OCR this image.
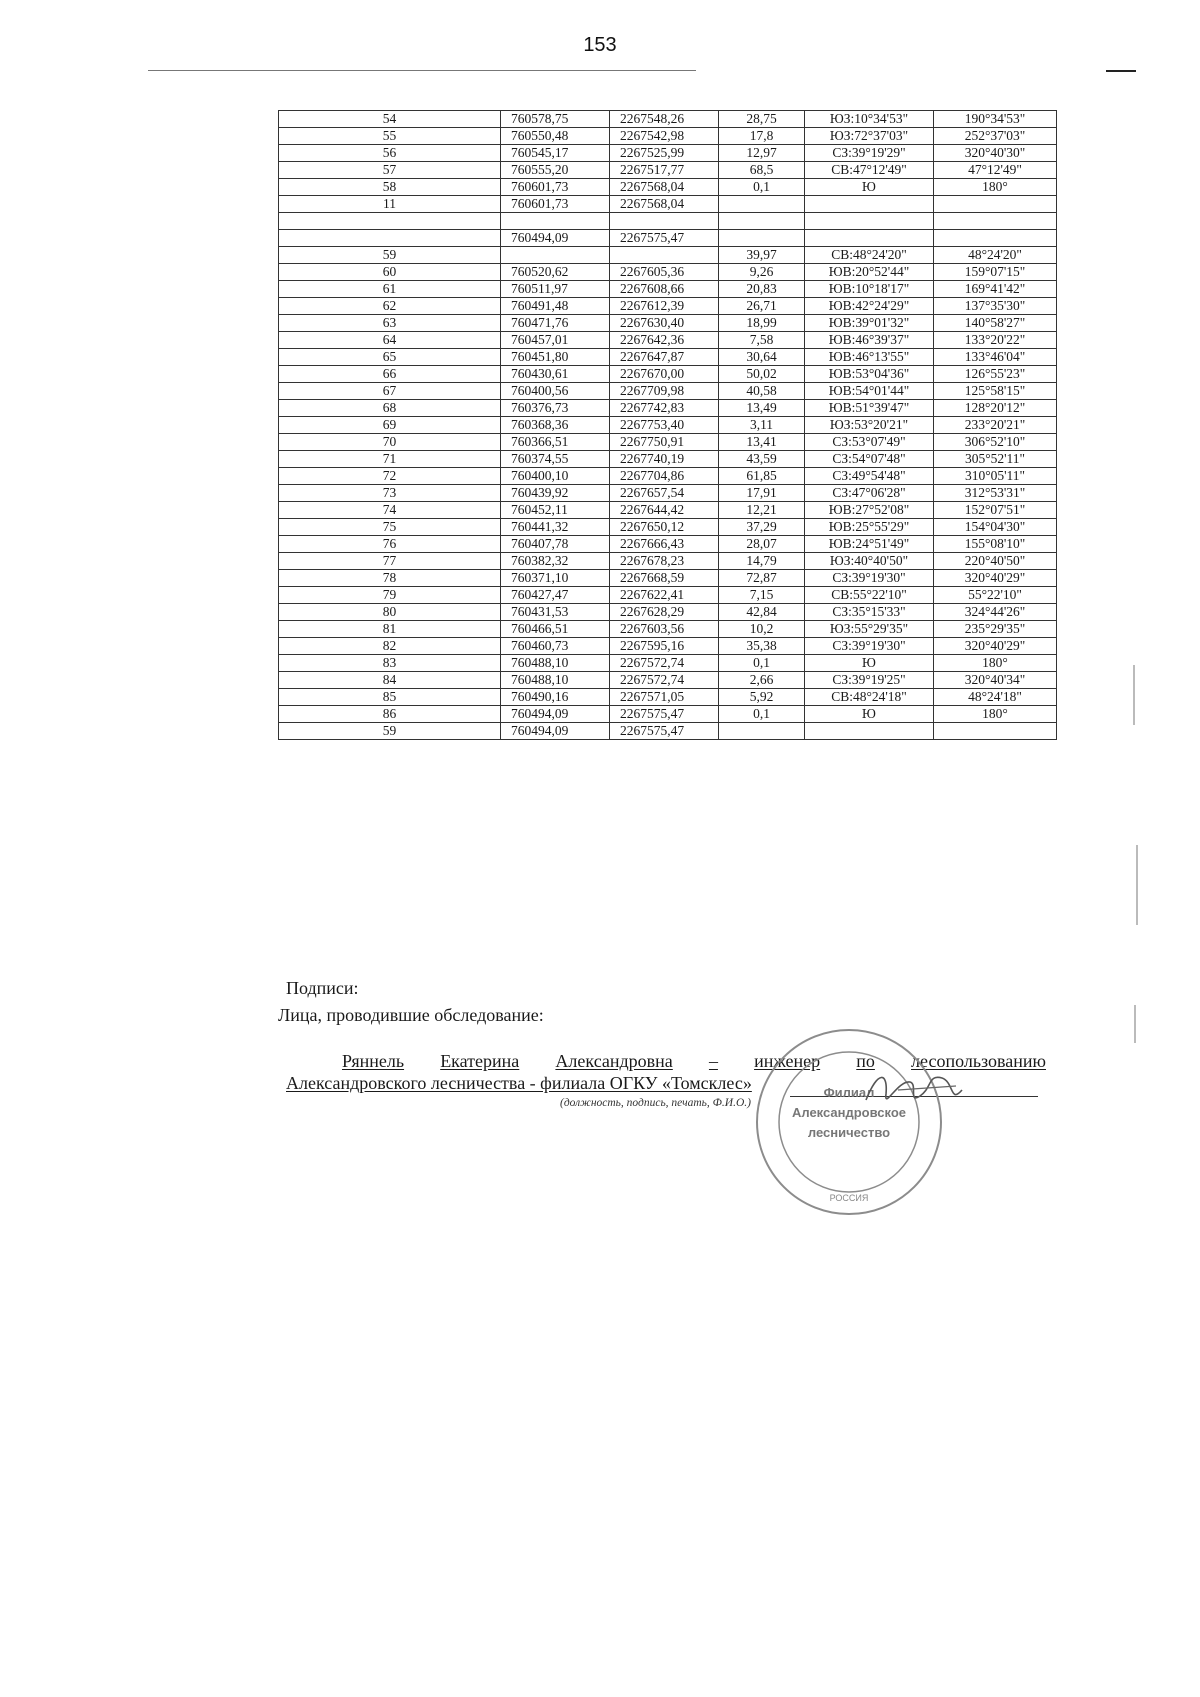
153
54	760578,75	2267548,26	28,75	ЮЗ:10°34'53"	190°34'53"
55	760550,48	2267542,98	17,8	ЮЗ:72°37'03"	252°37'03"
56	760545,17	2267525,99	12,97	СЗ:39°19'29"	320°40'30"
57	760555,20	2267517,77	68,5	СВ:47°12'49"	47°12'49"
58	760601,73	2267568,04	0,1	Ю	180°
11	760601,73	2267568,04			

	760494,09	2267575,47			
59			39,97	СВ:48°24'20"	48°24'20"
60	760520,62	2267605,36	9,26	ЮВ:20°52'44"	159°07'15"
61	760511,97	2267608,66	20,83	ЮВ:10°18'17"	169°41'42"
62	760491,48	2267612,39	26,71	ЮВ:42°24'29"	137°35'30"
63	760471,76	2267630,40	18,99	ЮВ:39°01'32"	140°58'27"
64	760457,01	2267642,36	7,58	ЮВ:46°39'37"	133°20'22"
65	760451,80	2267647,87	30,64	ЮВ:46°13'55"	133°46'04"
66	760430,61	2267670,00	50,02	ЮВ:53°04'36"	126°55'23"
67	760400,56	2267709,98	40,58	ЮВ:54°01'44"	125°58'15"
68	760376,73	2267742,83	13,49	ЮВ:51°39'47"	128°20'12"
69	760368,36	2267753,40	3,11	ЮЗ:53°20'21"	233°20'21"
70	760366,51	2267750,91	13,41	СЗ:53°07'49"	306°52'10"
71	760374,55	2267740,19	43,59	СЗ:54°07'48"	305°52'11"
72	760400,10	2267704,86	61,85	СЗ:49°54'48"	310°05'11"
73	760439,92	2267657,54	17,91	СЗ:47°06'28"	312°53'31"
74	760452,11	2267644,42	12,21	ЮВ:27°52'08"	152°07'51"
75	760441,32	2267650,12	37,29	ЮВ:25°55'29"	154°04'30"
76	760407,78	2267666,43	28,07	ЮВ:24°51'49"	155°08'10"
77	760382,32	2267678,23	14,79	ЮЗ:40°40'50"	220°40'50"
78	760371,10	2267668,59	72,87	СЗ:39°19'30"	320°40'29"
79	760427,47	2267622,41	7,15	СВ:55°22'10"	55°22'10"
80	760431,53	2267628,29	42,84	СЗ:35°15'33"	324°44'26"
81	760466,51	2267603,56	10,2	ЮЗ:55°29'35"	235°29'35"
82	760460,73	2267595,16	35,38	СЗ:39°19'30"	320°40'29"
83	760488,10	2267572,74	0,1	Ю	180°
84	760488,10	2267572,74	2,66	СЗ:39°19'25"	320°40'34"
85	760490,16	2267571,05	5,92	СВ:48°24'18"	48°24'18"
86	760494,09	2267575,47	0,1	Ю	180°
59	760494,09	2267575,47			
Подписи:
Лица, проводившие обследование:
Ряннель Екатерина Александровна – инженер по лесопользованию
Александровского лесничества - филиала ОГКУ «Томсклес»
(должность, подпись, печать, Ф.И.О.)
Филиал
Александровское
лесничество
РОССИЯ
